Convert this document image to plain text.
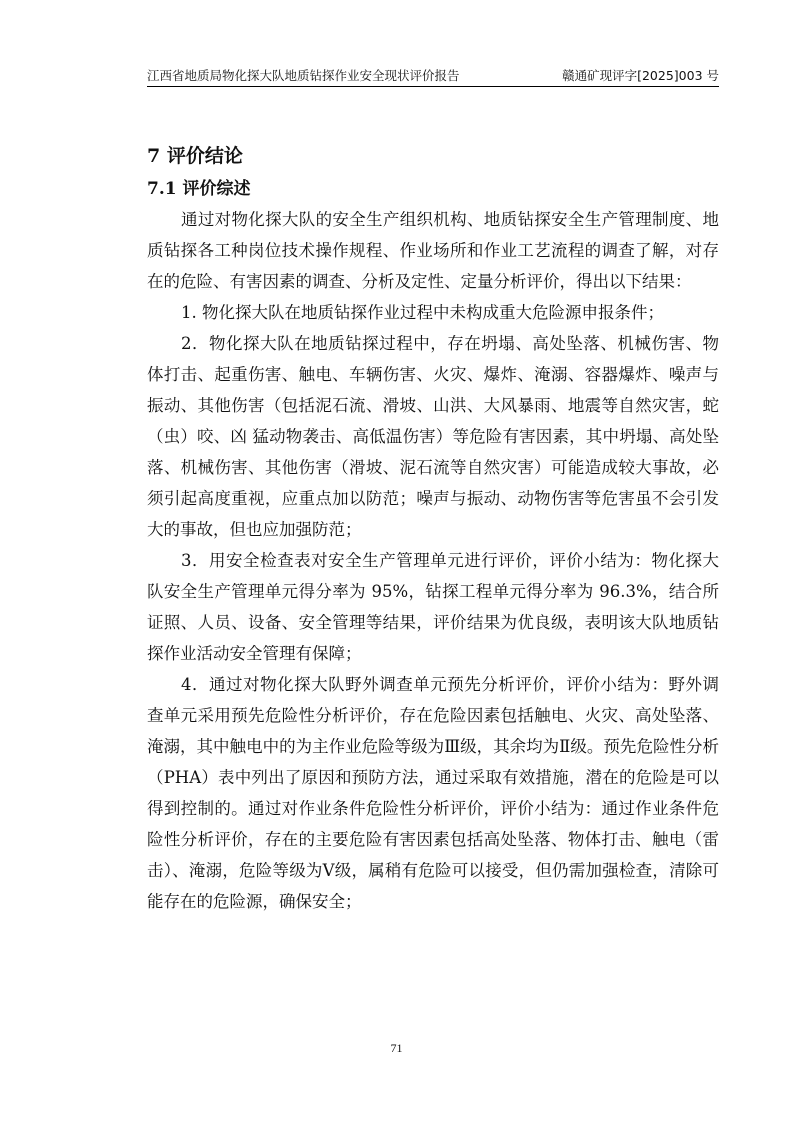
江西省地质局物化探大队地质钻探作业安全现状评价报告	赣通矿现评字[2025]003 号
7 评价结论
7.1 评价综述

通过对物化探大队的安全生产组织机构、地质钻探安全生产管理制度、地质钻探各工种岗位技术操作规程、作业场所和作业工艺流程的调查了解，对存在的危险、有害因素的调查、分析及定性、定量分析评价，得出以下结果：

1. 物化探大队在地质钻探作业过程中未构成重大危险源申报条件；

2．物化探大队在地质钻探过程中，存在坍塌、高处坠落、机械伤害、物体打击、起重伤害、触电、车辆伤害、火灾、爆炸、淹溺、容器爆炸、噪声与振动、其他伤害（包括泥石流、滑坡、山洪、大风暴雨、地震等自然灾害，蛇（虫）咬、凶 猛动物袭击、高低温伤害）等危险有害因素，其中坍塌、高处坠落、机械伤害、其他伤害（滑坡、泥石流等自然灾害）可能造成较大事故，必须引起高度重视，应重点加以防范；噪声与振动、动物伤害等危害虽不会引发大的事故，但也应加强防范；

3．用安全检查表对安全生产管理单元进行评价，评价小结为：物化探大队安全生产管理单元得分率为 95%，钻探工程单元得分率为 96.3%，结合所证照、人员、设备、安全管理等结果，评价结果为优良级，表明该大队地质钻探作业活动安全管理有保障；

4．通过对物化探大队野外调查单元预先分析评价，评价小结为：野外调查单元采用预先危险性分析评价，存在危险因素包括触电、火灾、高处坠落、淹溺，其中触电中的为主作业危险等级为Ⅲ级，其余均为Ⅱ级。预先危险性分析（PHA）表中列出了原因和预防方法，通过采取有效措施，潜在的危险是可以得到控制的。通过对作业条件危险性分析评价，评价小结为：通过作业条件危险性分析评价，存在的主要危险有害因素包括高处坠落、物体打击、触电（雷击）、淹溺，危险等级为Ⅴ级，属稍有危险可以接受，但仍需加强检查，清除可能存在的危险源，确保安全；

71
